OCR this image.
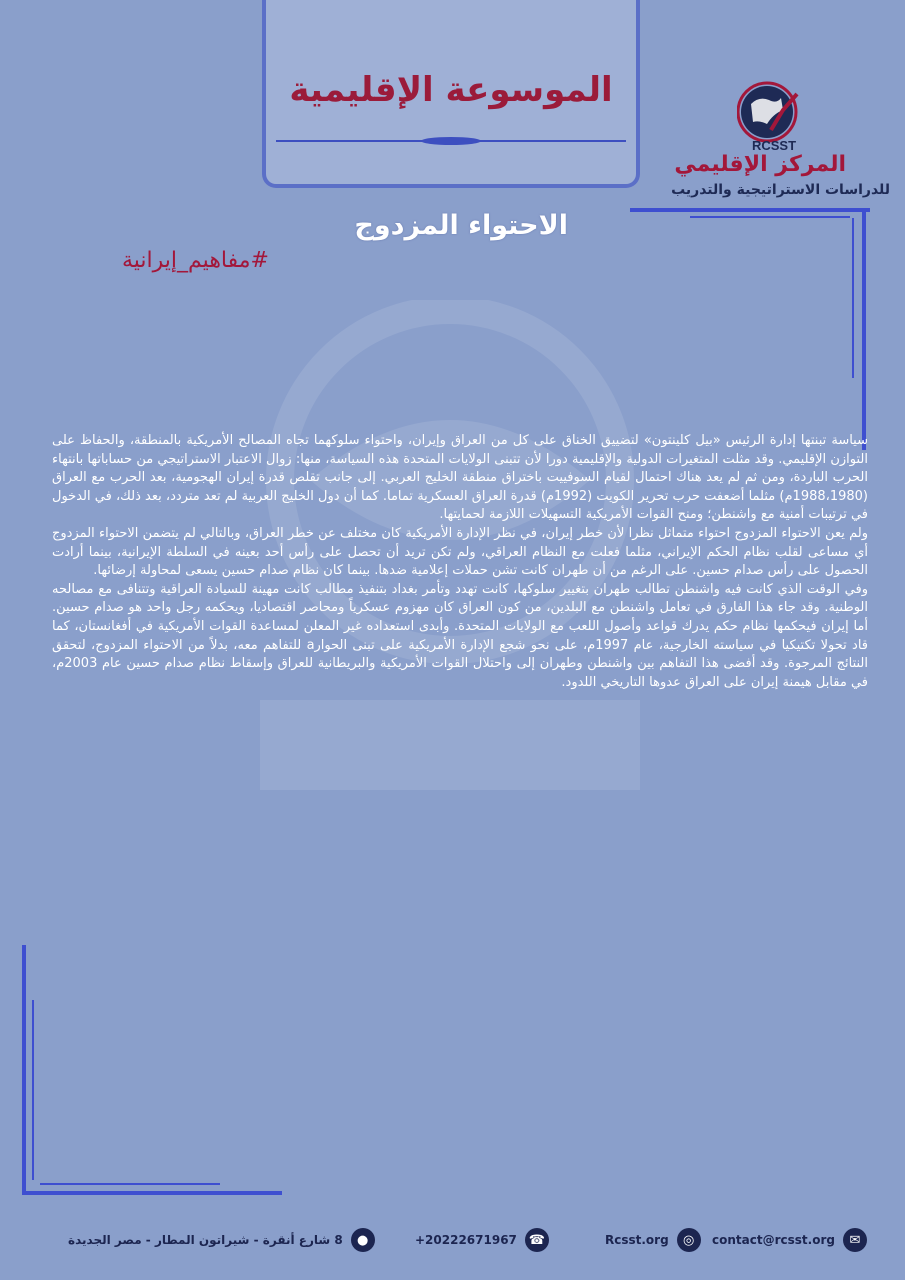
الموسوعة الإقليمية
RCSST
المركز الإقليمي
للدراسات الاستراتيجية والتدريب
الاحتواء المزدوج
#مفاهيم_إيرانية

سياسة تبنتها إدارة الرئيس «بيل كلينتون» لتضييق الخناق على كل من العراق وإيران، واحتواء سلوكهما تجاه المصالح الأمريكية بالمنطقة، والحفاظ على التوازن الإقليمي. وقد مثلت المتغيرات الدولية والإقليمية دورا لأن تتبنى الولايات المتحدة هذه السياسة، منها: زوال الاعتبار الاستراتيجي من حساباتها بانتهاء الحرب الباردة، ومن ثم لم يعد هناك احتمال لقيام السوفييت باختراق منطقة الخليج العربي. إلى جانب تقلص قدرة إيران الهجومية، بعد الحرب مع العراق (1988،1980م) مثلما أضعفت حرب تحرير الكويت (1992م) قدرة العراق العسكرية تماما. كما أن دول الخليج العربية لم تعد متردد، بعد ذلك، في الدخول في ترتيبات أمنية مع واشنطن؛ ومنح القوات الأمريكية التسهيلات اللازمة لحمايتها.

ولم يعن الاحتواء المزدوج احتواء متماثل نظرا لأن خطر إيران، في نظر الإدارة الأمريكية كان مختلف عن خطر العراق، وبالتالي لم يتضمن الاحتواء المزدوج أي مساعى لقلب نظام الحكم الإيراني، مثلما فعلت مع النظام العراقي، ولم تكن تريد أن تحصل على رأس أحد بعينه في السلطة الإيرانية، بينما أرادت الحصول على رأس صدام حسين. على الرغم من أن طهران كانت تشن حملات إعلامية ضدها. بينما كان نظام صدام حسين يسعى لمحاولة إرضائها.

وفي الوقت الذي كانت فيه واشنطن تطالب طهران بتغيير سلوكها، كانت تهدد وتأمر بغداد بتنفيذ مطالب كانت مهينة للسيادة العراقية وتتنافى مع مصالحه الوطنية. وقد جاء هذا الفارق في تعامل واشنطن مع البلدين، من كون العراق كان مهزوم عسكرياً ومحاصر اقتصاديا، ويحكمه رجل واحد هو صدام حسين. أما إيران فيحكمها نظام حكم يدرك قواعد وأصول اللعب مع الولايات المتحدة. وأبدى استعداده غير المعلن لمساعدة القوات الأمريكية في أفغانستان، كما قاد تحولا تكتيكيا في سياسته الخارجية، عام 1997م، على نحو شجع الإدارة الأمريكية على تبنى الحوارa للتفاهم معه، بدلاً من الاحتواء المزدوج، لتحقق النتائج المرجوة. وقد أفضى هذا التفاهم بين واشنطن وطهران إلى واحتلال القوات الأمريكية والبريطانية للعراق وإسقاط نظام صدام حسين عام 2003م، في مقابل هيمنة إيران على العراق عدوها التاريخي اللدود.

8 شارع أنقرة - شيراتون المطار - مصر الجديدة	●	+20222671967 ☎	Rcsst.org	◎	contact@rcsst.org	✉
